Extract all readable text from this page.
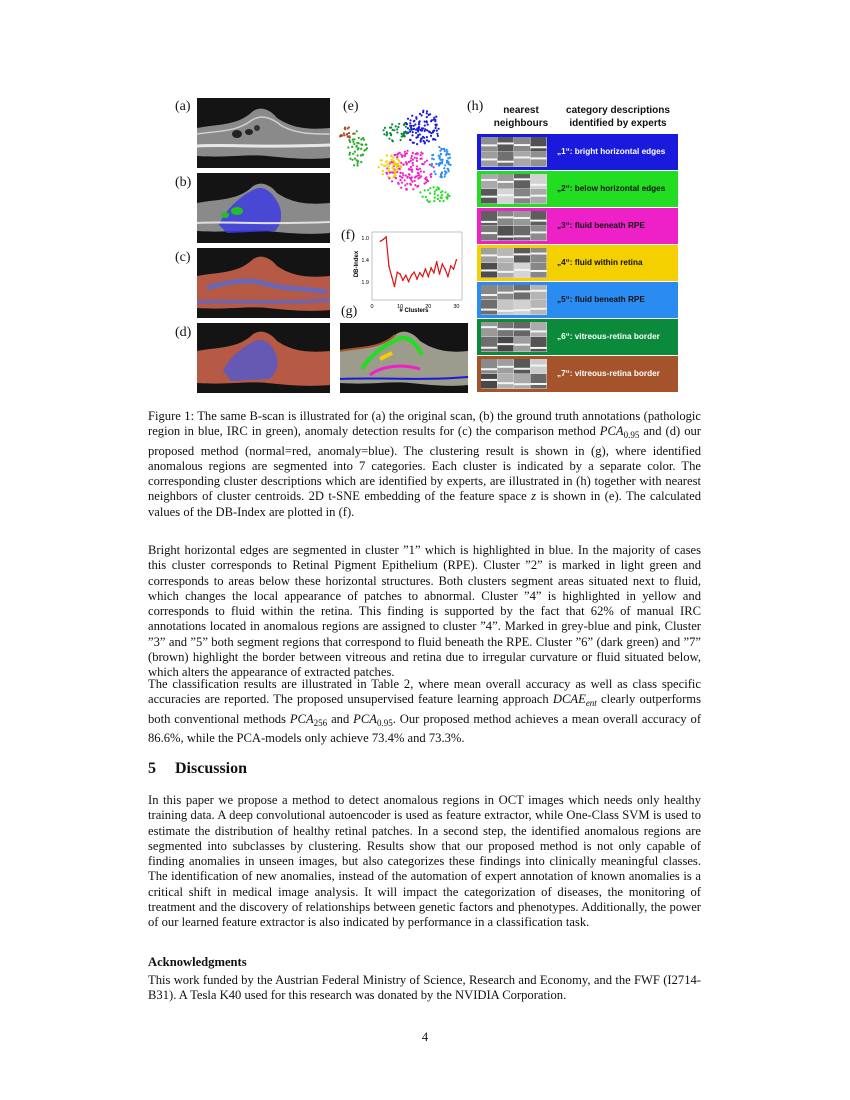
(a)
(b)
(c)
(d)
(e)
(f)
(g)
(h)
DB-Index
# Clusters
1.0
1.4
1.9
0	10	20	30
nearest neighbours
category descriptions identified by experts
„1“: bright horizontal edges
„2“: below horizontal edges
„3“: fluid beneath RPE
„4“: fluid within retina
„5“: fluid beneath RPE
„6“: vitreous-retina border
„7“: vitreous-retina border
Figure 1: The same B-scan is illustrated for (a) the original scan, (b) the ground truth annotations (pathologic region in blue, IRC in green), anomaly detection results for (c) the comparison method $PCA_{0.95}$ and (d) our proposed method (normal=red, anomaly=blue). The clustering result is shown in (g), where identified anomalous regions are segmented into 7 categories. Each cluster is indicated by a separate color. The corresponding cluster descriptions which are identified by experts, are illustrated in (h) together with nearest neighbors of cluster centroids. 2D t-SNE embedding of the feature space z is shown in (e). The calculated values of the DB-Index are plotted in (f).
Bright horizontal edges are segmented in cluster ”1” which is highlighted in blue. In the majority of cases this cluster corresponds to Retinal Pigment Epithelium (RPE). Cluster ”2” is marked in light green and corresponds to areas below these horizontal structures. Both clusters segment areas situated next to fluid, which changes the local appearance of patches to abnormal. Cluster ”4” is highlighted in yellow and corresponds to fluid within the retina. This finding is supported by the fact that 62% of manual IRC annotations located in anomalous regions are assigned to cluster ”4”. Marked in grey-blue and pink, Cluster ”3” and ”5” both segment regions that correspond to fluid beneath the RPE. Cluster ”6” (dark green) and ”7” (brown) highlight the border between vitreous and retina due to irregular curvature or fluid situated below, which alters the appearance of extracted patches.
The classification results are illustrated in Table 2, where mean overall accuracy as well as class specific accuracies are reported. The proposed unsupervised feature learning approach $DCAE_{ent}$ clearly outperforms both conventional methods $PCA_{256}$ and $PCA_{0.95}$. Our proposed method achieves a mean overall accuracy of 86.6%, while the PCA-models only achieve 73.4% and 73.3%.
5 Discussion
In this paper we propose a method to detect anomalous regions in OCT images which needs only healthy training data. A deep convolutional autoencoder is used as feature extractor, while One-Class SVM is used to estimate the distribution of healthy retinal patches. In a second step, the identified anomalous regions are segmented into subclasses by clustering. Results show that our proposed method is not only capable of finding anomalies in unseen images, but also categorizes these findings into clinically meaningful classes. The identification of new anomalies, instead of the automation of expert annotation of known anomalies is a critical shift in medical image analysis. It will impact the categorization of diseases, the monitoring of treatment and the discovery of relationships between genetic factors and phenotypes. Additionally, the power of our learned feature extractor is also indicated by performance in a classification task.
Acknowledgments
This work funded by the Austrian Federal Ministry of Science, Research and Economy, and the FWF (I2714-B31). A Tesla K40 used for this research was donated by the NVIDIA Corporation.
4
